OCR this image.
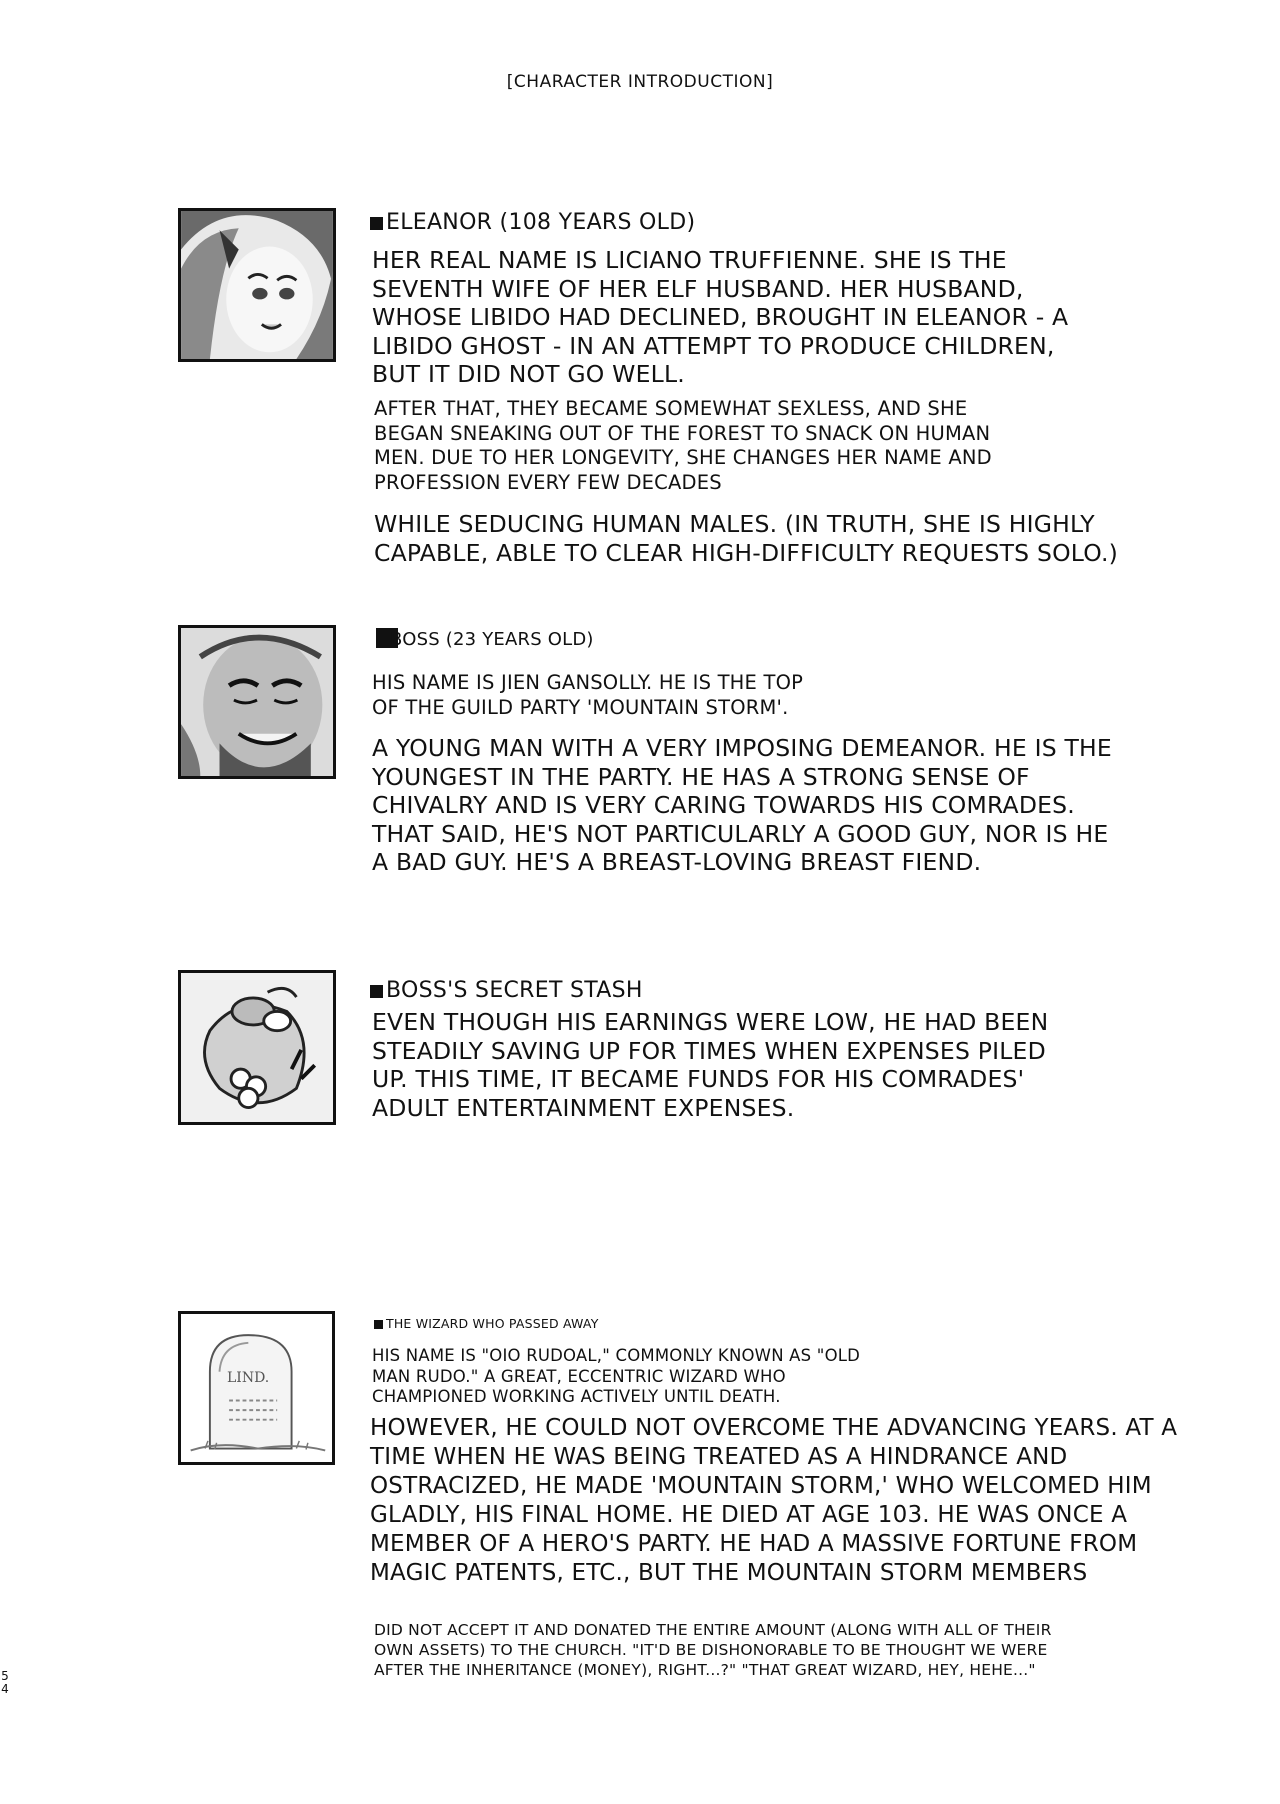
[CHARACTER INTRODUCTION]
ELEANOR (108 YEARS OLD)
HER REAL NAME IS LICIANO TRUFFIENNE. SHE IS THE
SEVENTH WIFE OF HER ELF HUSBAND. HER HUSBAND,
WHOSE LIBIDO HAD DECLINED, BROUGHT IN ELEANOR - A
LIBIDO GHOST - IN AN ATTEMPT TO PRODUCE CHILDREN,
BUT IT DID NOT GO WELL.
AFTER THAT, THEY BECAME SOMEWHAT SEXLESS, AND SHE
BEGAN SNEAKING OUT OF THE FOREST TO SNACK ON HUMAN
MEN. DUE TO HER LONGEVITY, SHE CHANGES HER NAME AND
PROFESSION EVERY FEW DECADES
WHILE SEDUCING HUMAN MALES. (IN TRUTH, SHE IS HIGHLY
CAPABLE, ABLE TO CLEAR HIGH-DIFFICULTY REQUESTS SOLO.)
BOSS (23 YEARS OLD)
HIS NAME IS JIEN GANSOLLY. HE IS THE TOP
OF THE GUILD PARTY 'MOUNTAIN STORM'.
A YOUNG MAN WITH A VERY IMPOSING DEMEANOR. HE IS THE
YOUNGEST IN THE PARTY. HE HAS A STRONG SENSE OF
CHIVALRY AND IS VERY CARING TOWARDS HIS COMRADES.
THAT SAID, HE'S NOT PARTICULARLY A GOOD GUY, NOR IS HE
A BAD GUY. HE'S A BREAST-LOVING BREAST FIEND.
BOSS'S SECRET STASH
EVEN THOUGH HIS EARNINGS WERE LOW, HE HAD BEEN
STEADILY SAVING UP FOR TIMES WHEN EXPENSES PILED
UP. THIS TIME, IT BECAME FUNDS FOR HIS COMRADES'
ADULT ENTERTAINMENT EXPENSES.
LIND.
THE WIZARD WHO PASSED AWAY
HIS NAME IS "OIO RUDOAL," COMMONLY KNOWN AS "OLD
MAN RUDO." A GREAT, ECCENTRIC WIZARD WHO
CHAMPIONED WORKING ACTIVELY UNTIL DEATH.
HOWEVER, HE COULD NOT OVERCOME THE ADVANCING YEARS. AT A
TIME WHEN HE WAS BEING TREATED AS A HINDRANCE AND
OSTRACIZED, HE MADE 'MOUNTAIN STORM,' WHO WELCOMED HIM
GLADLY, HIS FINAL HOME. HE DIED AT AGE 103. HE WAS ONCE A
MEMBER OF A HERO'S PARTY. HE HAD A MASSIVE FORTUNE FROM
MAGIC PATENTS, ETC., BUT THE MOUNTAIN STORM MEMBERS
DID NOT ACCEPT IT AND DONATED THE ENTIRE AMOUNT (ALONG WITH ALL OF THEIR
OWN ASSETS) TO THE CHURCH. "IT'D BE DISHONORABLE TO BE THOUGHT WE WERE
AFTER THE INHERITANCE (MONEY), RIGHT...?" "THAT GREAT WIZARD, HEY, HEHE..."
5
4
